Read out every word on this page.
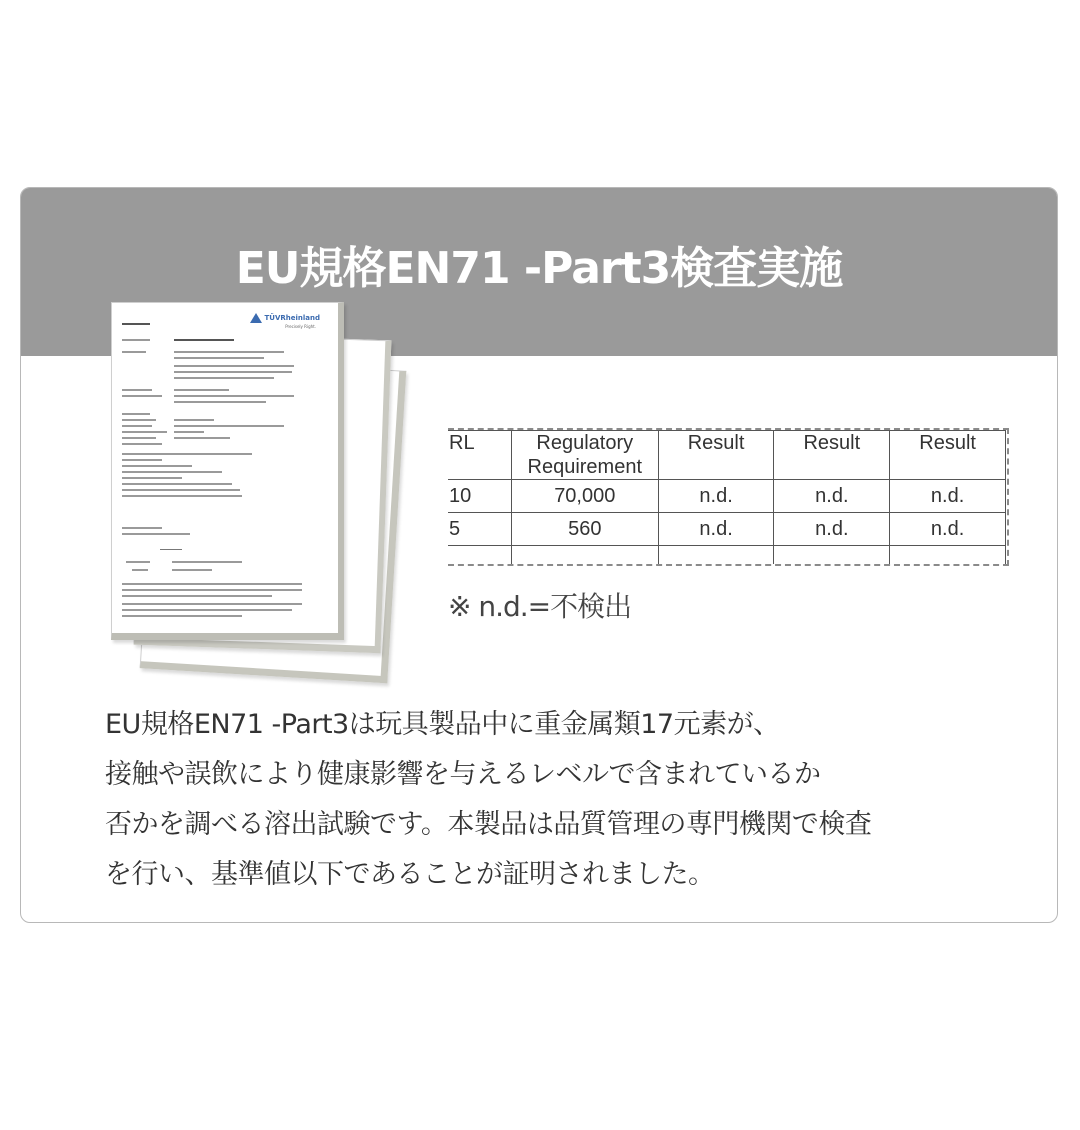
EU規格EN71 -Part3検査実施
TÜVRheinland
Precisely Right.
RL	Regulatory Requirement	Result	Result	Result
10	70,000	n.d.	n.d.	n.d.
5	560	n.d.	n.d.	n.d.

※ n.d.=不検出
EU規格EN71 -Part3は玩具製品中に重金属類17元素が、
接触や誤飲により健康影響を与えるレベルで含まれているか
否かを調べる溶出試験です。本製品は品質管理の専門機関で検査
を行い、基準値以下であることが証明されました。
